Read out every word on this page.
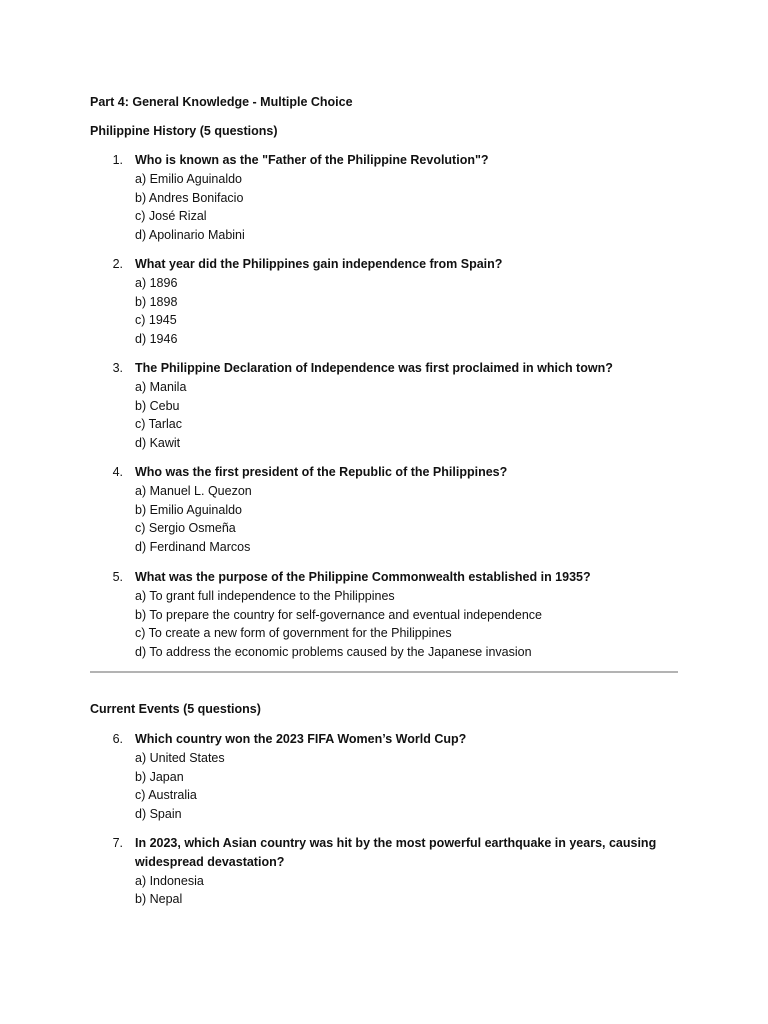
Part 4: General Knowledge - Multiple Choice
Philippine History (5 questions)
1. Who is known as the "Father of the Philippine Revolution"?
a) Emilio Aguinaldo
b) Andres Bonifacio
c) José Rizal
d) Apolinario Mabini
2. What year did the Philippines gain independence from Spain?
a) 1896
b) 1898
c) 1945
d) 1946
3. The Philippine Declaration of Independence was first proclaimed in which town?
a) Manila
b) Cebu
c) Tarlac
d) Kawit
4. Who was the first president of the Republic of the Philippines?
a) Manuel L. Quezon
b) Emilio Aguinaldo
c) Sergio Osmeña
d) Ferdinand Marcos
5. What was the purpose of the Philippine Commonwealth established in 1935?
a) To grant full independence to the Philippines
b) To prepare the country for self-governance and eventual independence
c) To create a new form of government for the Philippines
d) To address the economic problems caused by the Japanese invasion
Current Events (5 questions)
6. Which country won the 2023 FIFA Women’s World Cup?
a) United States
b) Japan
c) Australia
d) Spain
7. In 2023, which Asian country was hit by the most powerful earthquake in years, causing widespread devastation?
a) Indonesia
b) Nepal
